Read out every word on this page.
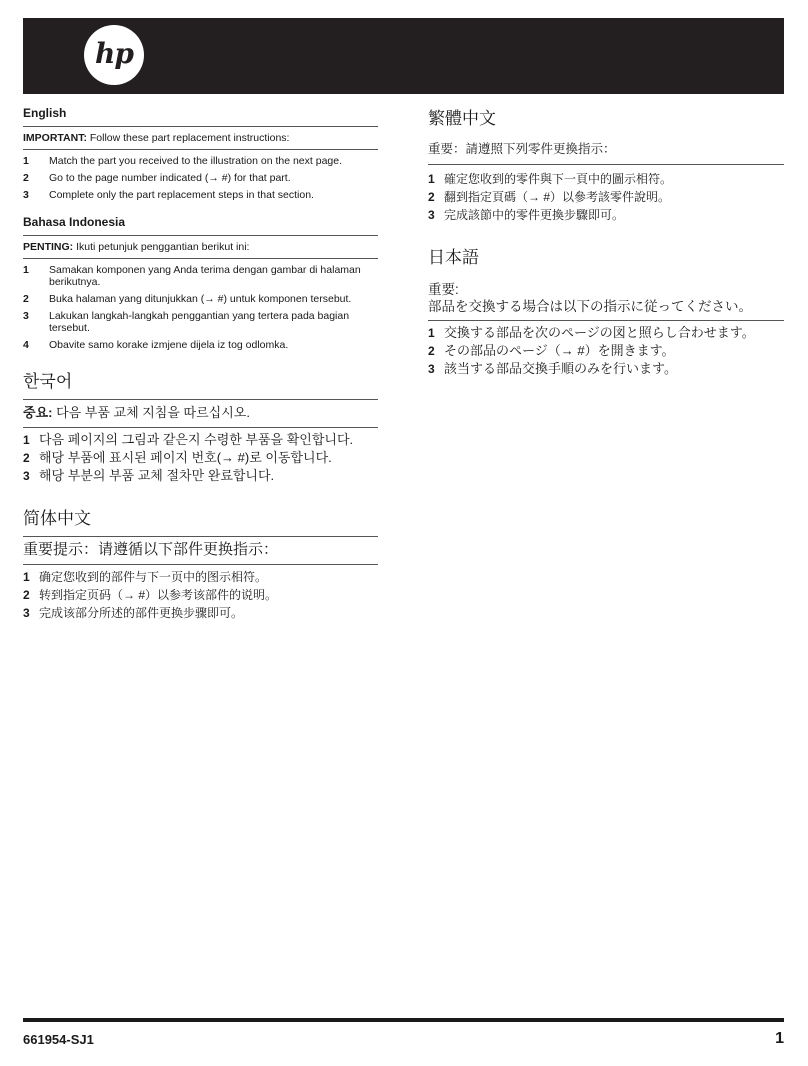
hp
English
IMPORTANT: Follow these part replacement instructions:
1	Match the part you received to the illustration on the next page.
2	Go to the page number indicated (→ #) for that part.
3	Complete only the part replacement steps in that section.
Bahasa Indonesia
PENTING: Ikuti petunjuk penggantian berikut ini:
1	Samakan komponen yang Anda terima dengan gambar di halaman berikutnya.
2	Buka halaman yang ditunjukkan (→ #) untuk komponen tersebut.
3	Lakukan langkah-langkah penggantian yang tertera pada bagian tersebut.
4	Obavite samo korake izmjene dijela iz tog odlomka.
한국어
중요: 다음 부품 교체 지침을 따르십시오.
1 다음 페이지의 그림과 같은지 수령한 부품을 확인합니다.
2 해당 부품에 표시된 페이지 번호(→ #)로 이동합니다.
3 해당 부분의 부품 교체 절차만 완료합니다.
简体中文
重要提示：请遵循以下部件更换指示：
1 确定您收到的部件与下一页中的图示相符。
2 转到指定页码（→ #）以参考该部件的说明。
3 完成该部分所述的部件更换步骤即可。
繁體中文
重要：請遵照下列零件更換指示：
1 確定您收到的零件與下一頁中的圖示相符。
2 翻到指定頁碼（→ #）以參考該零件說明。
3 完成該節中的零件更換步驟即可。
日本語
重要:
部品を交換する場合は以下の指示に従ってください。
1 交換する部品を次のページの図と照らし合わせます。
2 その部品のページ（→ #）を開きます。
3 該当する部品交換手順のみを行います。
661954-SJ1	1
